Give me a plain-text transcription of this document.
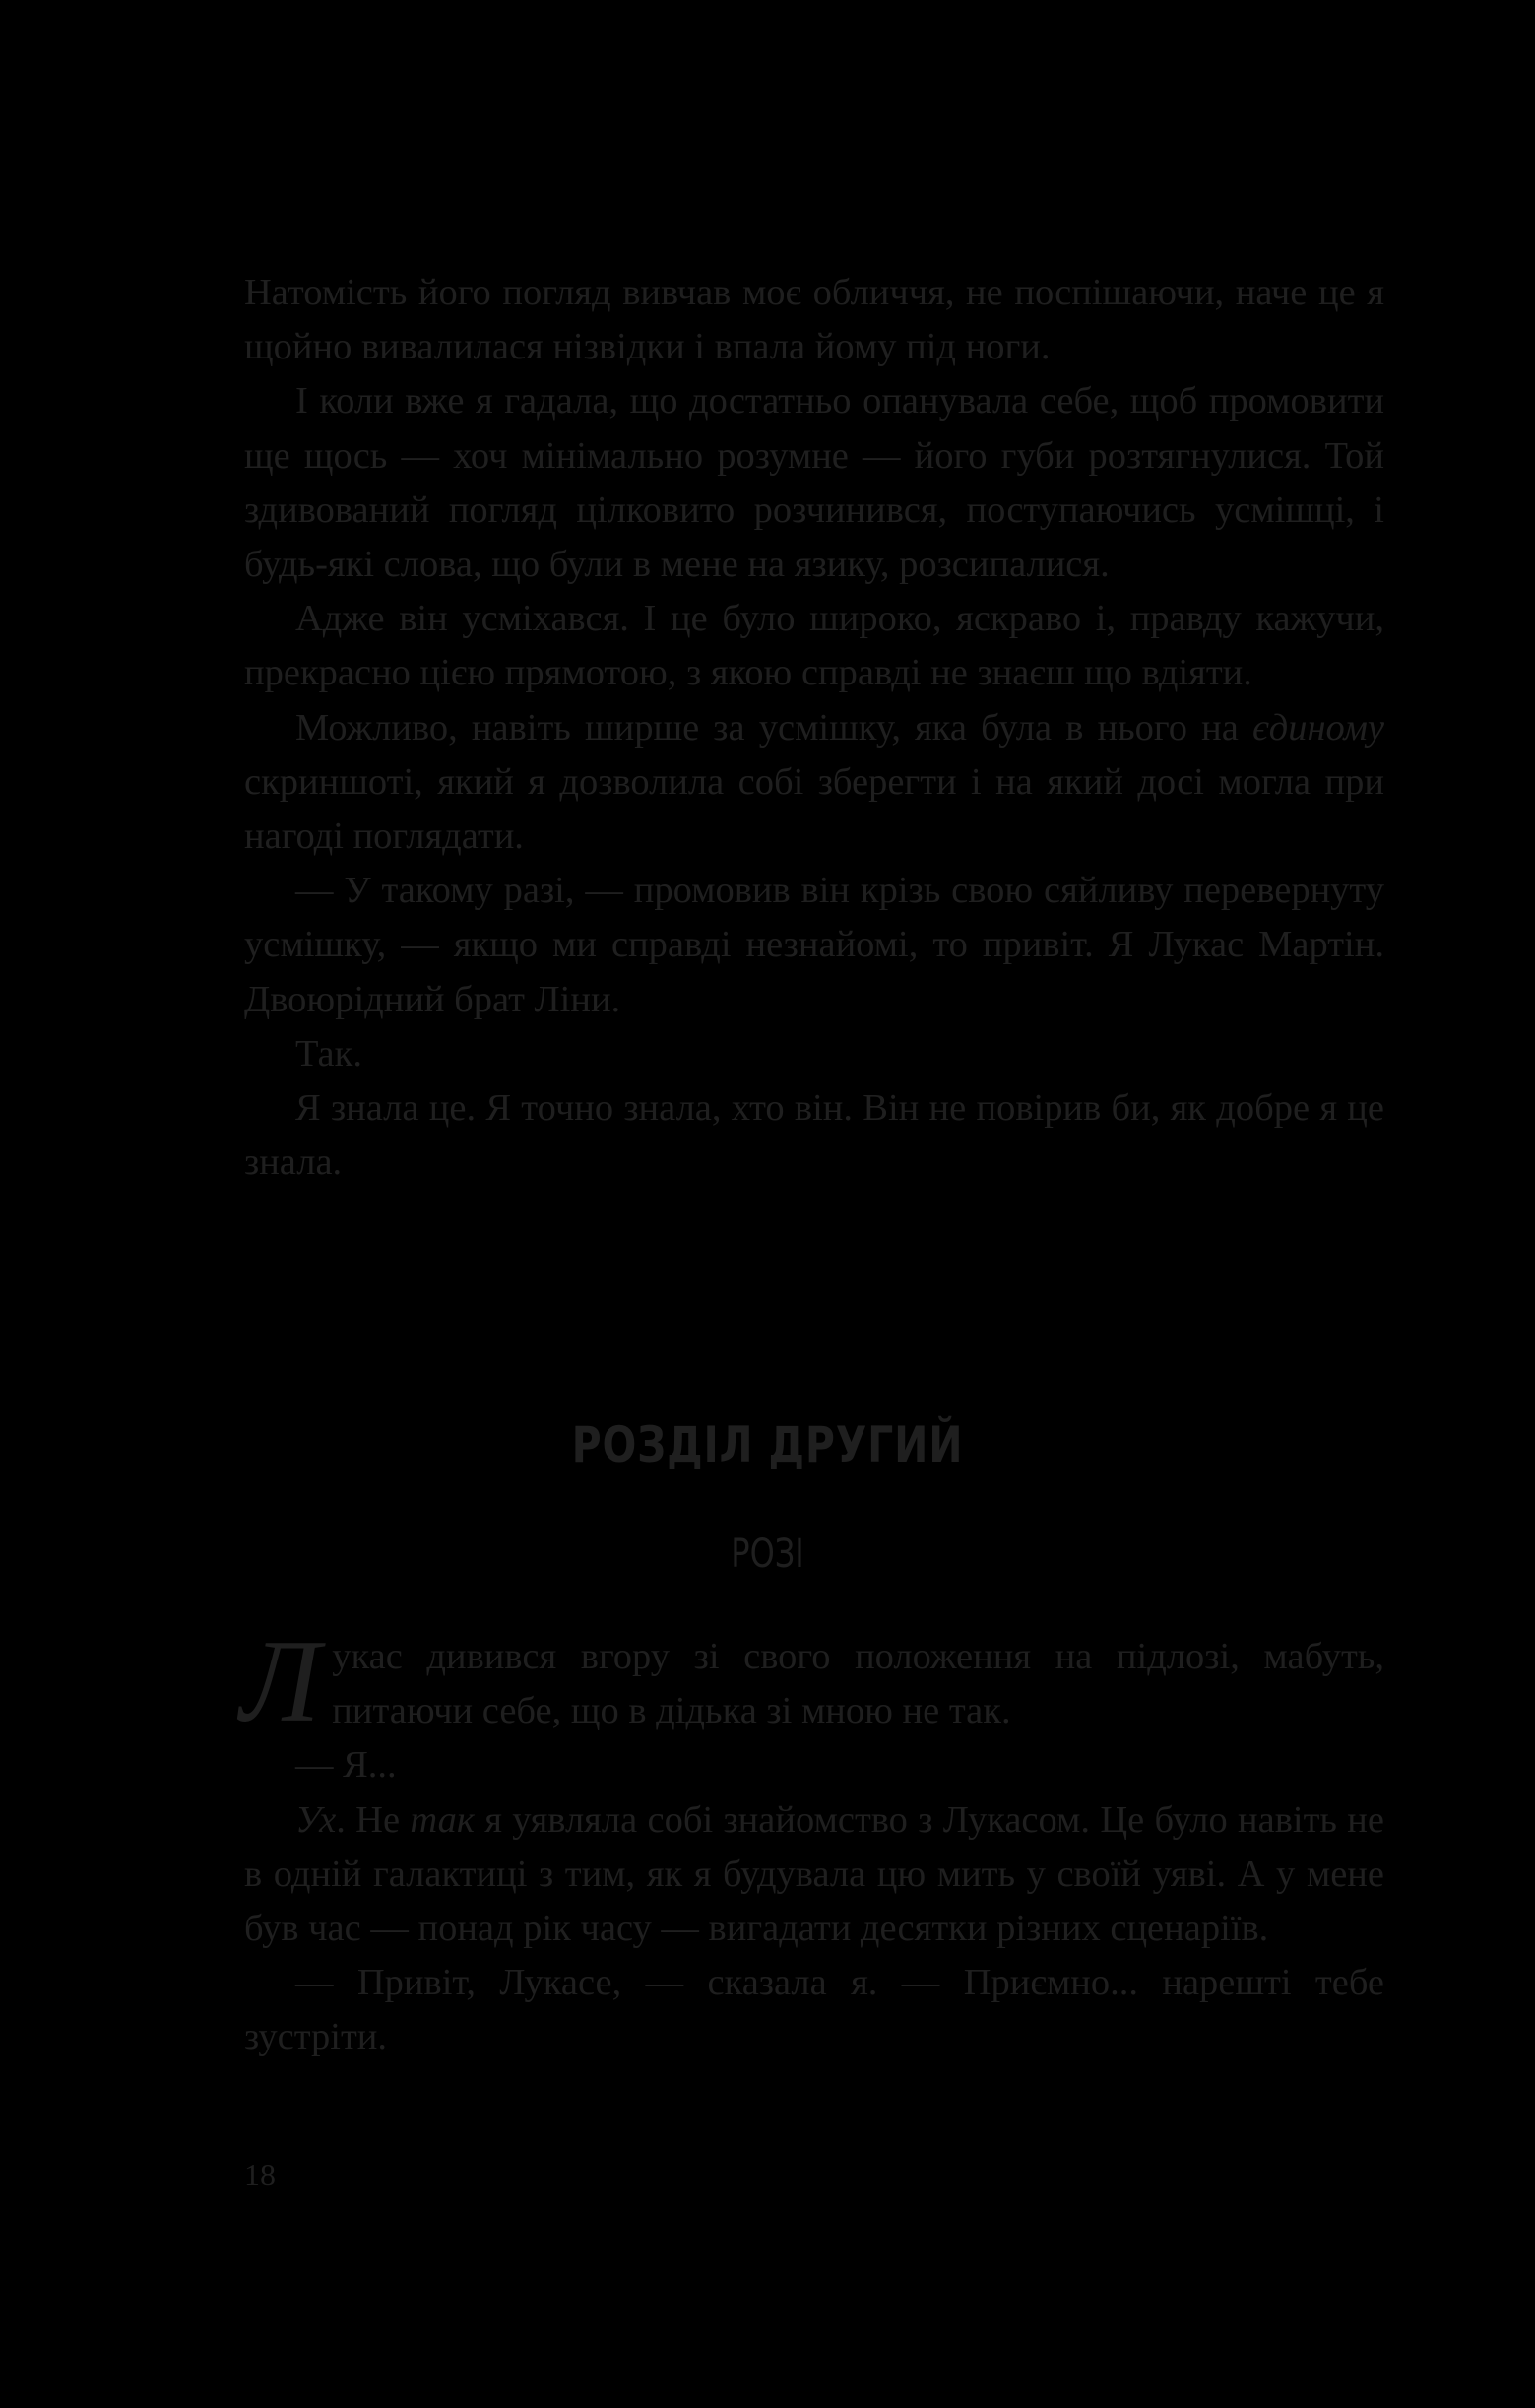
Натомість його погляд вивчав моє обличчя, не поспішаючи, наче це я щойно вивалилася нізвідки і впала йому під ноги.

І коли вже я гадала, що достатньо опанувала себе, щоб промовити ще щось — хоч мінімально розумне — його губи розтягнулися. Той здивований погляд цілковито розчинився, поступаючись усмішці, і будь-які слова, що були в мене на язику, розсипалися.

Адже він усміхався. І це було широко, яскраво і, правду кажучи, прекрасно цією прямотою, з якою справді не знаєш що вдіяти.

Можливо, навіть ширше за усмішку, яка була в нього на єдиному скриншоті, який я дозволила собі зберегти і на який досі могла при нагоді поглядати.

— У такому разі, — промовив він крізь свою сяйливу перевернуту усмішку, — якщо ми справді незнайомі, то привіт. Я Лукас Мартін. Двоюрідний брат Ліни.

Так.

Я знала це. Я точно знала, хто він. Він не повірив би, як добре я це знала.

РОЗДІЛ ДРУГИЙ
РОЗІ

Лукас дивився вгору зі свого положення на підлозі, мабуть, питаючи себе, що в дідька зі мною не так.

— Я...

Ух. Не так я уявляла собі знайомство з Лукасом. Це було навіть не в одній галактиці з тим, як я будувала цю мить у своїй уяві. А у мене був час — понад рік часу — вигадати десятки різних сценаріїв.

— Привіт, Лукасе, — сказала я. — Приємно... нарешті тебе зустріти.

18
